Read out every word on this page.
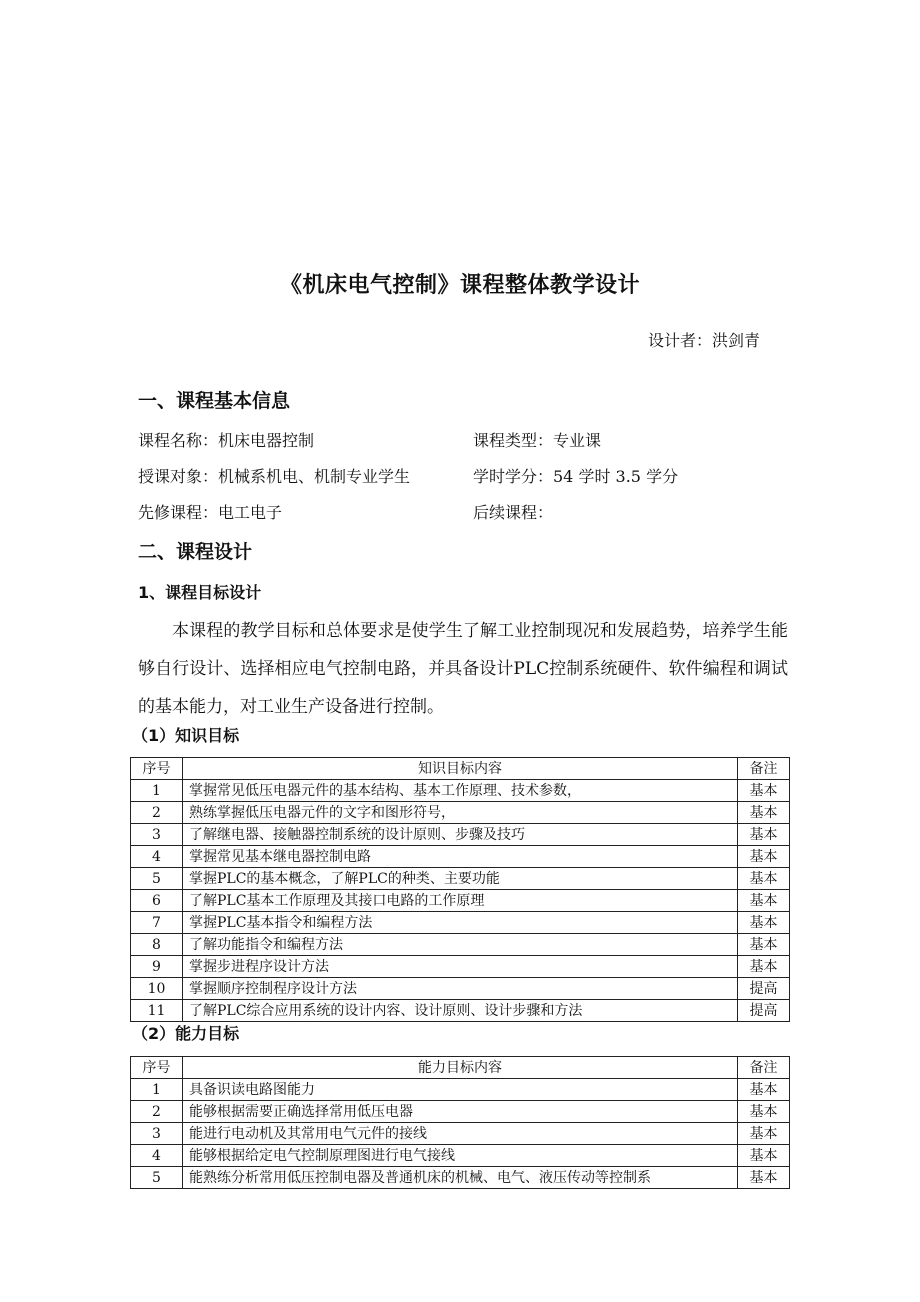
《机床电气控制》课程整体教学设计
设计者：洪剑青
一、课程基本信息
课程名称：机床电器控制	课程类型：专业课
授课对象：机械系机电、机制专业学生	学时学分：54 学时 3.5 学分
先修课程：电工电子	后续课程：
二、课程设计
1、课程目标设计
本课程的教学目标和总体要求是使学生了解工业控制现况和发展趋势，培养学生能够自行设计、选择相应电气控制电路，并具备设计PLC控制系统硬件、软件编程和调试的基本能力，对工业生产设备进行控制。
（1）知识目标
序号	知识目标内容	备注
1	掌握常见低压电器元件的基本结构、基本工作原理、技术参数，	基本
2	熟练掌握低压电器元件的文字和图形符号，	基本
3	了解继电器、接触器控制系统的设计原则、步骤及技巧	基本
4	掌握常见基本继电器控制电路	基本
5	掌握PLC的基本概念，了解PLC的种类、主要功能	基本
6	了解PLC基本工作原理及其接口电路的工作原理	基本
7	掌握PLC基本指令和编程方法	基本
8	了解功能指令和编程方法	基本
9	掌握步进程序设计方法	基本
10	掌握顺序控制程序设计方法	提高
11	了解PLC综合应用系统的设计内容、设计原则、设计步骤和方法	提高
（2）能力目标
序号	能力目标内容	备注
1	具备识读电路图能力	基本
2	能够根据需要正确选择常用低压电器	基本
3	能进行电动机及其常用电气元件的接线	基本
4	能够根据给定电气控制原理图进行电气接线	基本
5	能熟练分析常用低压控制电器及普通机床的机械、电气、液压传动等控制系	基本
